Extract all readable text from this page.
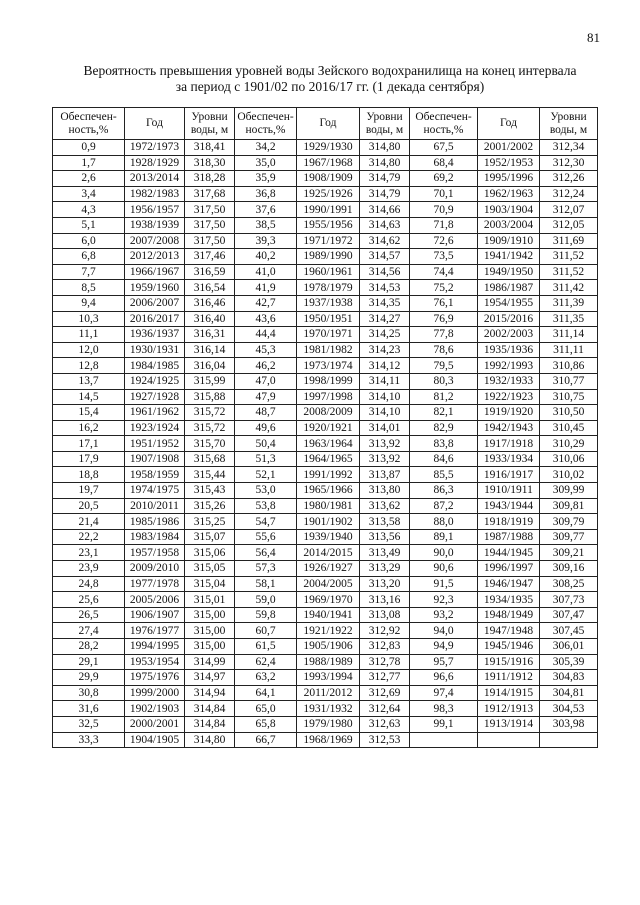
81
Вероятность превышения уровней воды Зейского водохранилища на конец интервала
за период с 1901/02 по 2016/17 гг. (1 декада сентября)
Обеспечен-ность,%	Год	Уровни воды, м	Обеспечен-ность,%	Год	Уровни воды, м	Обеспечен-ность,%	Год	Уровни воды, м
0,9	1972/1973	318,41	34,2	1929/1930	314,80	67,5	2001/2002	312,34
1,7	1928/1929	318,30	35,0	1967/1968	314,80	68,4	1952/1953	312,30
2,6	2013/2014	318,28	35,9	1908/1909	314,79	69,2	1995/1996	312,26
3,4	1982/1983	317,68	36,8	1925/1926	314,79	70,1	1962/1963	312,24
4,3	1956/1957	317,50	37,6	1990/1991	314,66	70,9	1903/1904	312,07
5,1	1938/1939	317,50	38,5	1955/1956	314,63	71,8	2003/2004	312,05
6,0	2007/2008	317,50	39,3	1971/1972	314,62	72,6	1909/1910	311,69
6,8	2012/2013	317,46	40,2	1989/1990	314,57	73,5	1941/1942	311,52
7,7	1966/1967	316,59	41,0	1960/1961	314,56	74,4	1949/1950	311,52
8,5	1959/1960	316,54	41,9	1978/1979	314,53	75,2	1986/1987	311,42
9,4	2006/2007	316,46	42,7	1937/1938	314,35	76,1	1954/1955	311,39
10,3	2016/2017	316,40	43,6	1950/1951	314,27	76,9	2015/2016	311,35
11,1	1936/1937	316,31	44,4	1970/1971	314,25	77,8	2002/2003	311,14
12,0	1930/1931	316,14	45,3	1981/1982	314,23	78,6	1935/1936	311,11
12,8	1984/1985	316,04	46,2	1973/1974	314,12	79,5	1992/1993	310,86
13,7	1924/1925	315,99	47,0	1998/1999	314,11	80,3	1932/1933	310,77
14,5	1927/1928	315,88	47,9	1997/1998	314,10	81,2	1922/1923	310,75
15,4	1961/1962	315,72	48,7	2008/2009	314,10	82,1	1919/1920	310,50
16,2	1923/1924	315,72	49,6	1920/1921	314,01	82,9	1942/1943	310,45
17,1	1951/1952	315,70	50,4	1963/1964	313,92	83,8	1917/1918	310,29
17,9	1907/1908	315,68	51,3	1964/1965	313,92	84,6	1933/1934	310,06
18,8	1958/1959	315,44	52,1	1991/1992	313,87	85,5	1916/1917	310,02
19,7	1974/1975	315,43	53,0	1965/1966	313,80	86,3	1910/1911	309,99
20,5	2010/2011	315,26	53,8	1980/1981	313,62	87,2	1943/1944	309,81
21,4	1985/1986	315,25	54,7	1901/1902	313,58	88,0	1918/1919	309,79
22,2	1983/1984	315,07	55,6	1939/1940	313,56	89,1	1987/1988	309,77
23,1	1957/1958	315,06	56,4	2014/2015	313,49	90,0	1944/1945	309,21
23,9	2009/2010	315,05	57,3	1926/1927	313,29	90,6	1996/1997	309,16
24,8	1977/1978	315,04	58,1	2004/2005	313,20	91,5	1946/1947	308,25
25,6	2005/2006	315,01	59,0	1969/1970	313,16	92,3	1934/1935	307,73
26,5	1906/1907	315,00	59,8	1940/1941	313,08	93,2	1948/1949	307,47
27,4	1976/1977	315,00	60,7	1921/1922	312,92	94,0	1947/1948	307,45
28,2	1994/1995	315,00	61,5	1905/1906	312,83	94,9	1945/1946	306,01
29,1	1953/1954	314,99	62,4	1988/1989	312,78	95,7	1915/1916	305,39
29,9	1975/1976	314,97	63,2	1993/1994	312,77	96,6	1911/1912	304,83
30,8	1999/2000	314,94	64,1	2011/2012	312,69	97,4	1914/1915	304,81
31,6	1902/1903	314,84	65,0	1931/1932	312,64	98,3	1912/1913	304,53
32,5	2000/2001	314,84	65,8	1979/1980	312,63	99,1	1913/1914	303,98
33,3	1904/1905	314,80	66,7	1968/1969	312,53			
